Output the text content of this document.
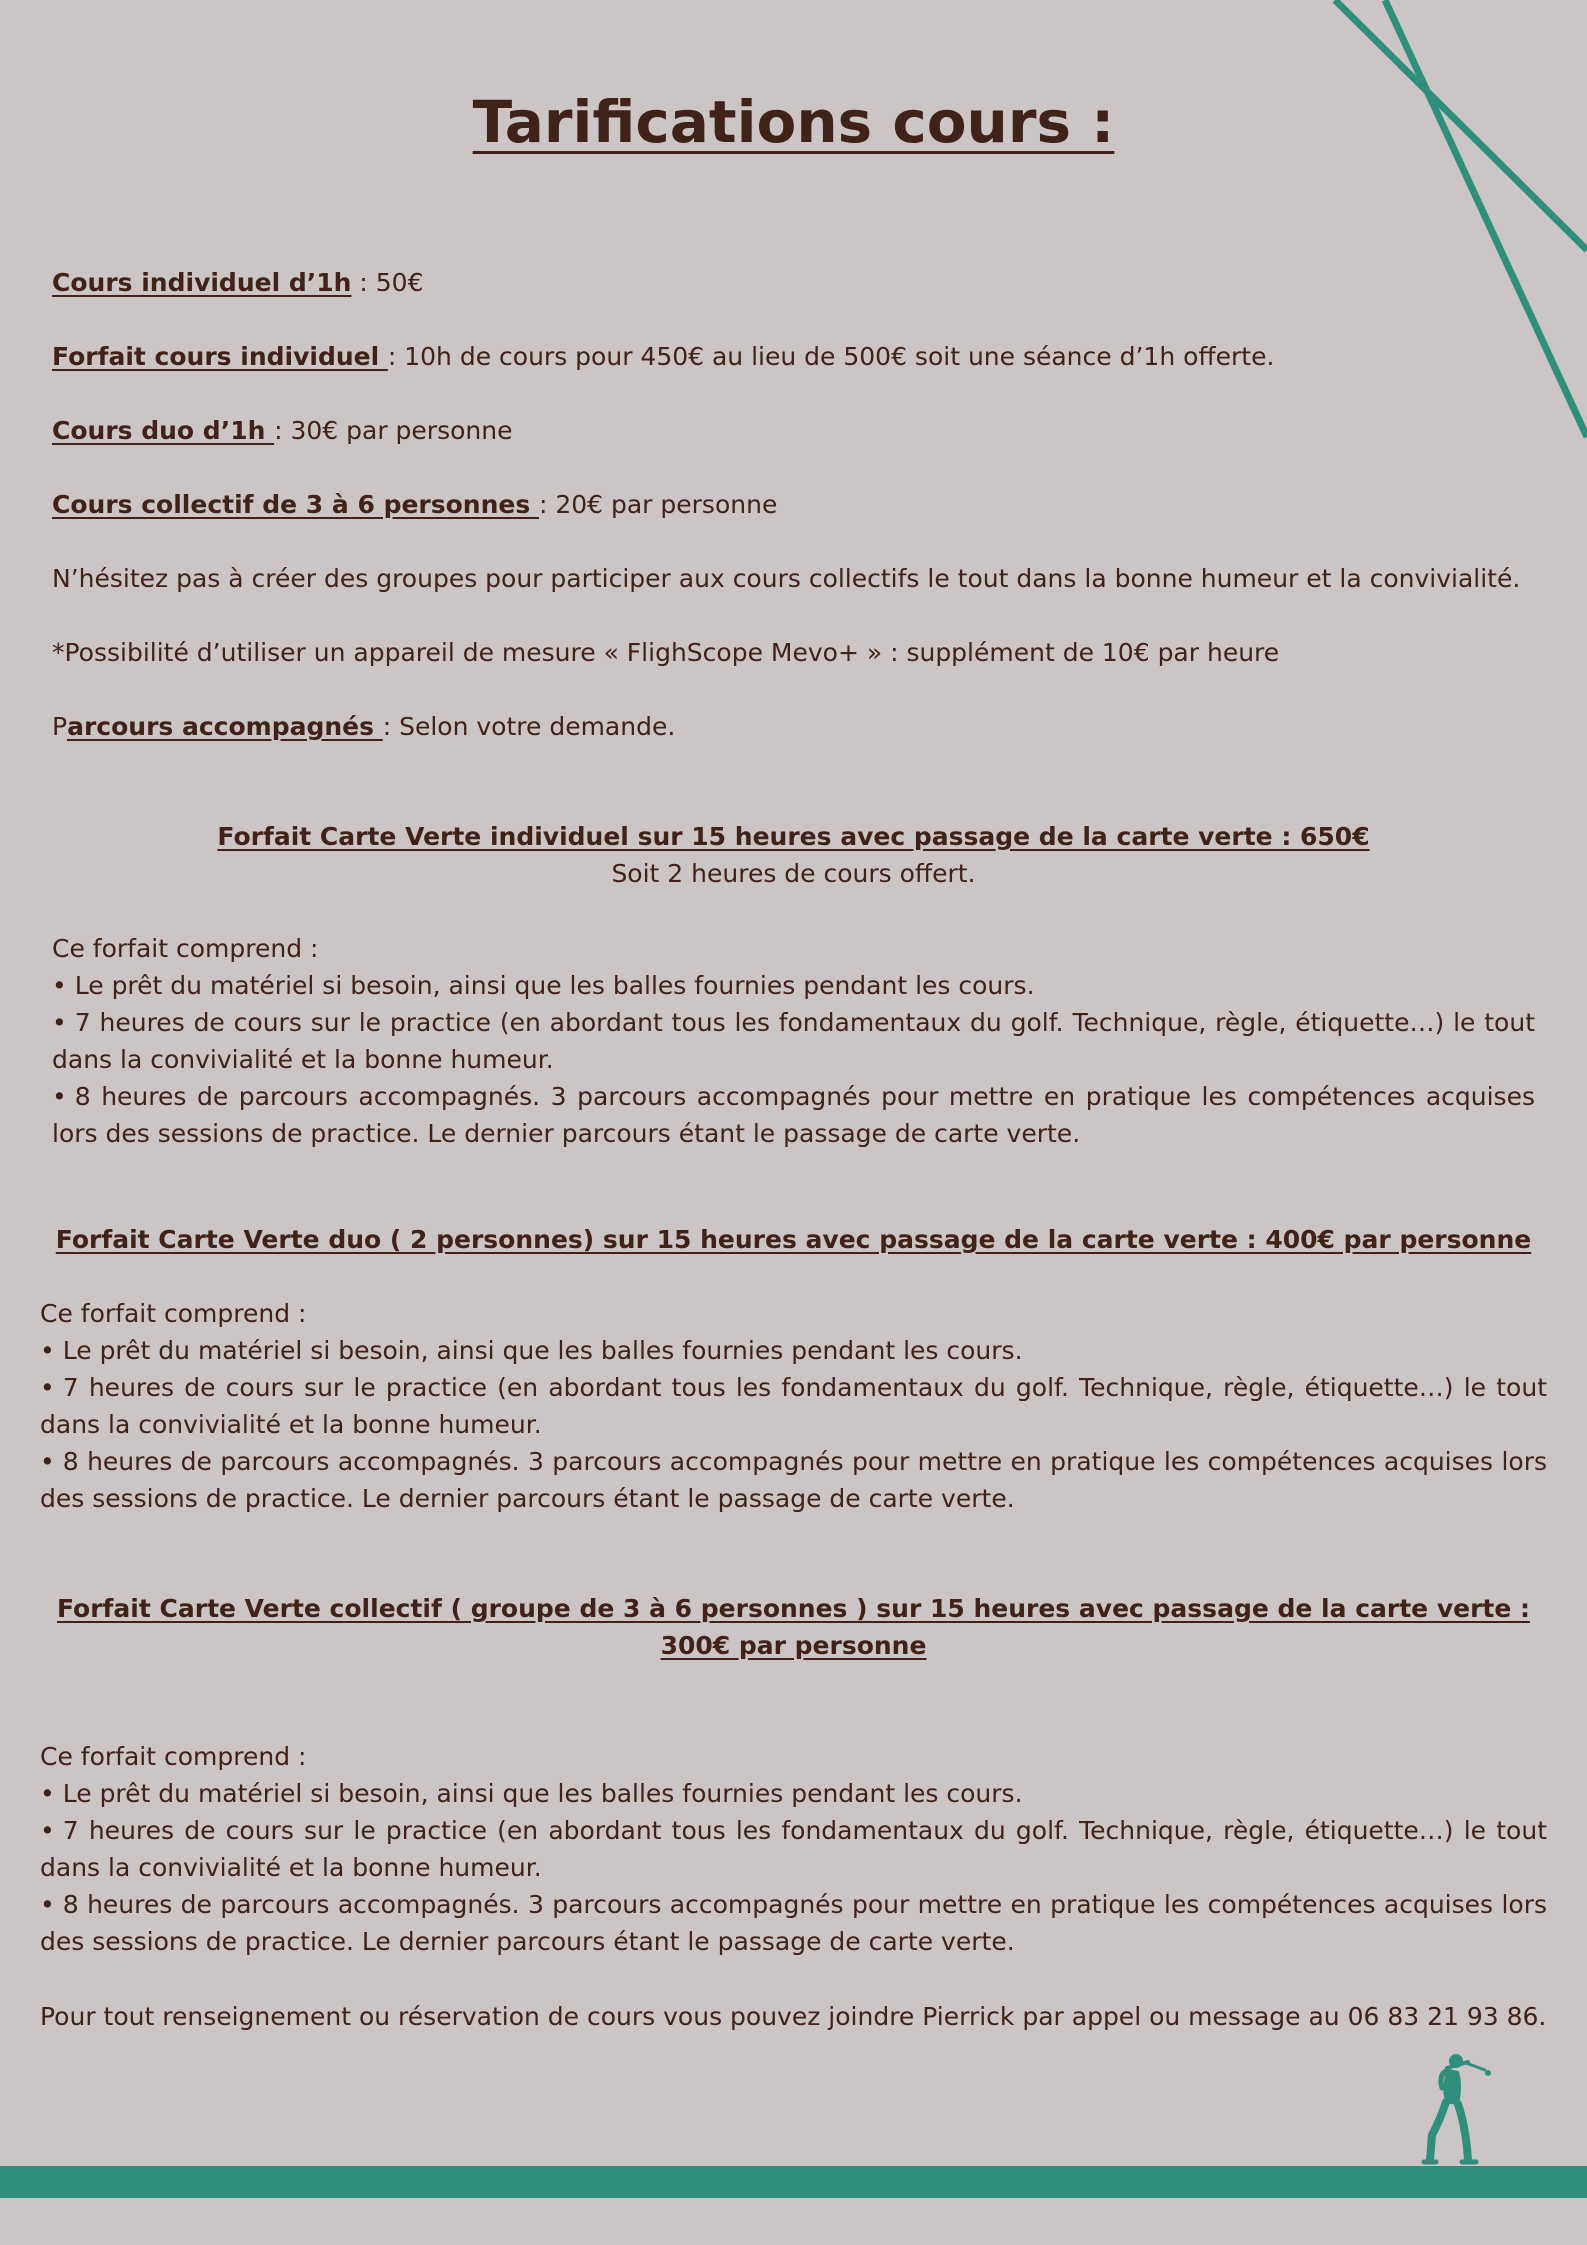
Tarifications cours :

Cours individuel d’1h : 50€

Forfait cours individuel : 10h de cours pour 450€ au lieu de 500€ soit une séance d’1h offerte.

Cours duo d’1h : 30€ par personne

Cours collectif de 3 à 6 personnes : 20€ par personne

N’hésitez pas à créer des groupes pour participer aux cours collectifs le tout dans la bonne humeur et la convivialité.

*Possibilité d’utiliser un appareil de mesure « FlighScope Mevo+ » : supplément de 10€ par heure

Parcours accompagnés : Selon votre demande.

Forfait Carte Verte individuel sur 15 heures avec passage de la carte verte : 650€

Soit 2 heures de cours offert.

Ce forfait comprend :
• Le prêt du matériel si besoin, ainsi que les balles fournies pendant les cours.
• 7 heures de cours sur le practice (en abordant tous les fondamentaux du golf. Technique, règle, étiquette…) le tout dans la convivialité et la bonne humeur.
• 8 heures de parcours accompagnés. 3 parcours accompagnés pour mettre en pratique les compétences acquises lors des sessions de practice. Le dernier parcours étant le passage de carte verte.

Forfait Carte Verte duo ( 2 personnes) sur 15 heures avec passage de la carte verte : 400€ par personne

Ce forfait comprend :
• Le prêt du matériel si besoin, ainsi que les balles fournies pendant les cours.
• 7 heures de cours sur le practice (en abordant tous les fondamentaux du golf. Technique, règle, étiquette…) le tout dans la convivialité et la bonne humeur.
• 8 heures de parcours accompagnés. 3 parcours accompagnés pour mettre en pratique les compétences acquises lors des sessions de practice. Le dernier parcours étant le passage de carte verte.

Forfait Carte Verte collectif ( groupe de 3 à 6 personnes ) sur 15 heures avec passage de la carte verte : 300€ par personne

Ce forfait comprend :
• Le prêt du matériel si besoin, ainsi que les balles fournies pendant les cours.
• 7 heures de cours sur le practice (en abordant tous les fondamentaux du golf. Technique, règle, étiquette…) le tout dans la convivialité et la bonne humeur.
• 8 heures de parcours accompagnés. 3 parcours accompagnés pour mettre en pratique les compétences acquises lors des sessions de practice. Le dernier parcours étant le passage de carte verte.

Pour tout renseignement ou réservation de cours vous pouvez joindre Pierrick par appel ou message au 06 83 21 93 86.
